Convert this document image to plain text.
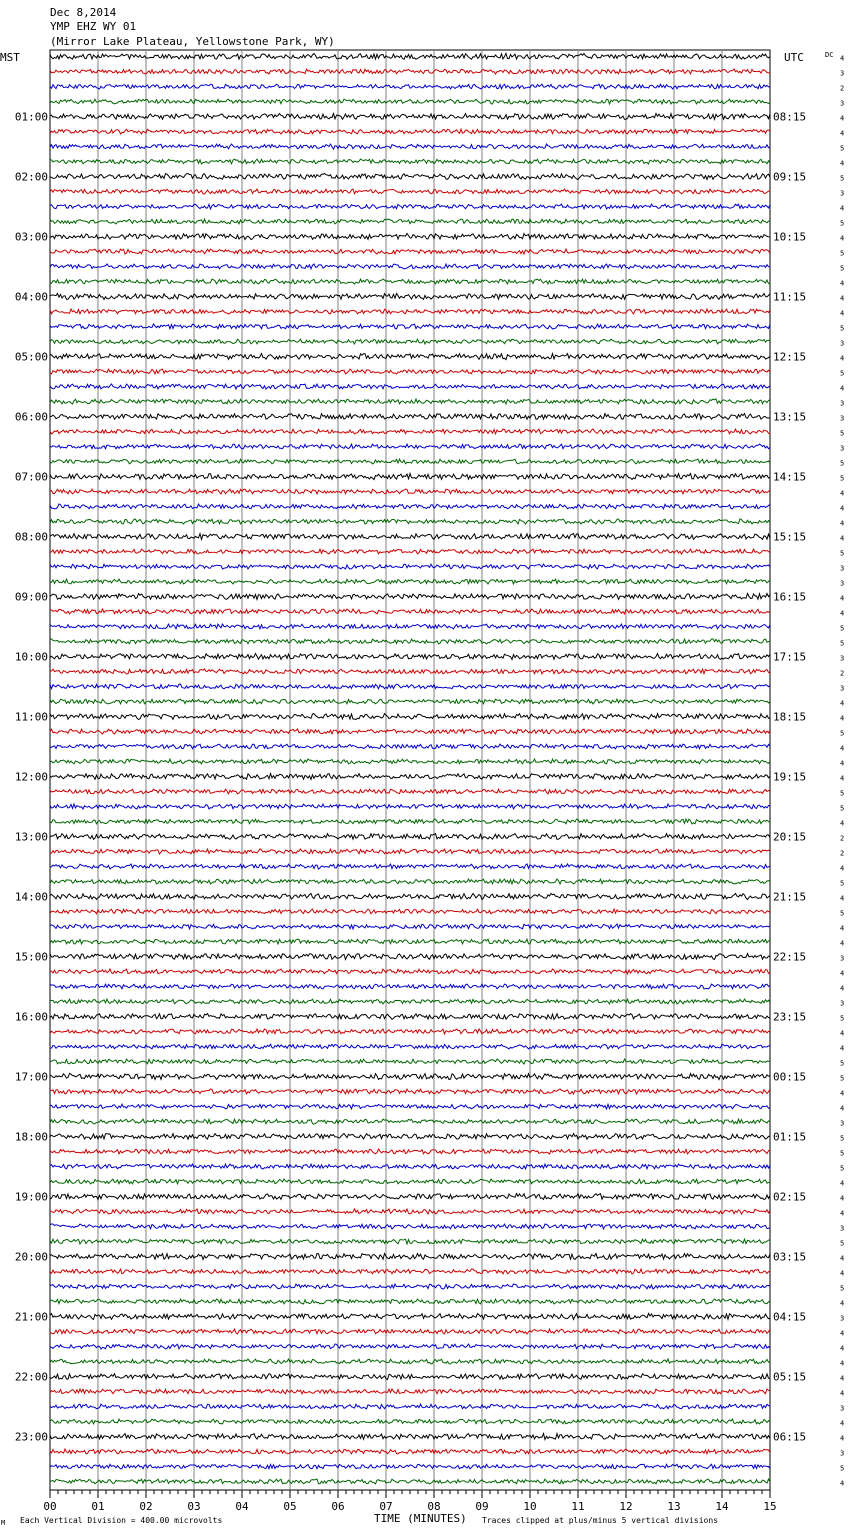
Dec 8,2014
YMP EHZ WY 01
(Mirror Lake Plateau, Yellowstone Park, WY)
MST	UTC	DC
01:00
02:00
03:00
04:00
05:00
06:00
07:00
08:00
09:00
10:00
11:00
12:00
13:00
14:00
15:00
16:00
17:00
18:00
19:00
20:00
21:00
22:00
23:00
08:15
09:15
10:15
11:15
12:15
13:15
14:15
15:15
16:15
17:15
18:15
19:15
20:15
21:15
22:15
23:15
00:15
01:15
02:15
03:15
04:15
05:15
06:15
4
3
2
3
4
4
5
4
5
3
4
5
4
5
5
4
4
4
5
3
4
5
4
3
3
5
3
5
5
4
4
4
4
5
3
3
4
4
5
5
3
2
3
4
4
5
4
4
4
5
5
4
2
2
4
5
4
5
4
4
3
4
4
3
5
4
4
5
5
4
4
3
5
5
5
4
4
4
3
5
4
4
5
4
3
4
4
4
4
4
3
4
4
3
5
4
00	01	02	03	04	05	06	07	08	09	10	11	12	13	14	15
M Each Vertical Division = 400.00 microvolts	TIME (MINUTES) Traces clipped at plus/minus 5 vertical divisions
